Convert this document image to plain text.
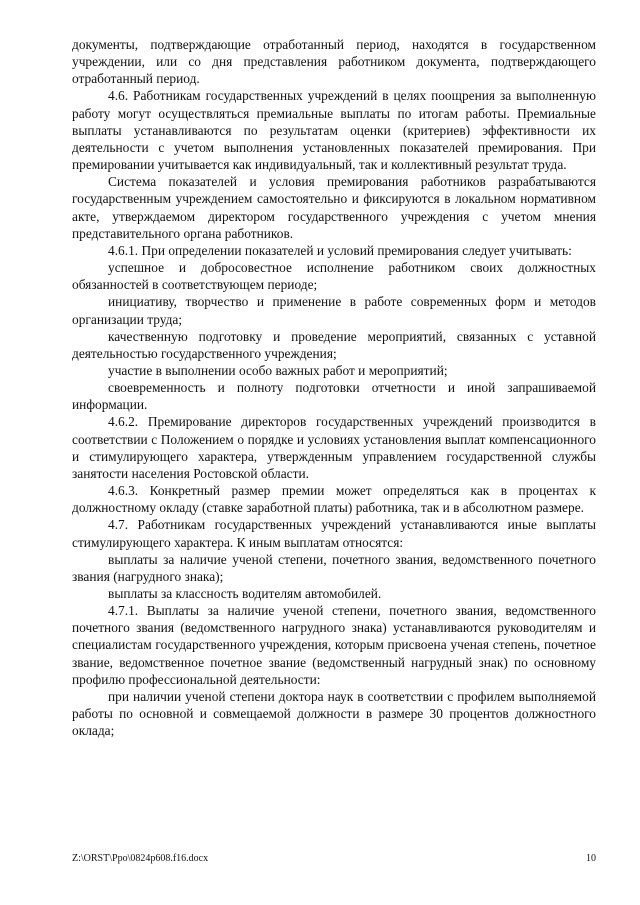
документы, подтверждающие отработанный период, находятся в государственном учреждении, или со дня представления работником документа, подтверждающего отработанный период.

4.6. Работникам государственных учреждений в целях поощрения за выполненную работу могут осуществляться премиальные выплаты по итогам работы. Премиальные выплаты устанавливаются по результатам оценки (критериев) эффективности их деятельности с учетом выполнения установленных показателей премирования. При премировании учитывается как индивидуальный, так и коллективный результат труда.

Система показателей и условия премирования работников разрабатываются государственным учреждением самостоятельно и фиксируются в локальном нормативном акте, утверждаемом директором государственного учреждения с учетом мнения представительного органа работников.

4.6.1. При определении показателей и условий премирования следует учитывать:

успешное и добросовестное исполнение работником своих должностных обязанностей в соответствующем периоде;

инициативу, творчество и применение в работе современных форм и методов организации труда;

качественную подготовку и проведение мероприятий, связанных с уставной деятельностью государственного учреждения;

участие в выполнении особо важных работ и мероприятий;

своевременность и полноту подготовки отчетности и иной запрашиваемой информации.

4.6.2. Премирование директоров государственных учреждений производится в соответствии с Положением о порядке и условиях установления выплат компенсационного и стимулирующего характера, утвержденным управлением государственной службы занятости населения Ростовской области.

4.6.3. Конкретный размер премии может определяться как в процентах к должностному окладу (ставке заработной платы) работника, так и в абсолютном размере.

4.7. Работникам государственных учреждений устанавливаются иные выплаты стимулирующего характера. К иным выплатам относятся:

выплаты за наличие ученой степени, почетного звания, ведомственного почетного звания (нагрудного знака);

выплаты за классность водителям автомобилей.

4.7.1. Выплаты за наличие ученой степени, почетного звания, ведомственного почетного звания (ведомственного нагрудного знака) устанавливаются руководителям и специалистам государственного учреждения, которым присвоена ученая степень, почетное звание, ведомственное почетное звание (ведомственный нагрудный знак) по основному профилю профессиональной деятельности:

при наличии ученой степени доктора наук в соответствии с профилем выполняемой работы по основной и совмещаемой должности в размере 30 процентов должностного оклада;

Z:\ORST\Ppo\0824p608.f16.docx	10
